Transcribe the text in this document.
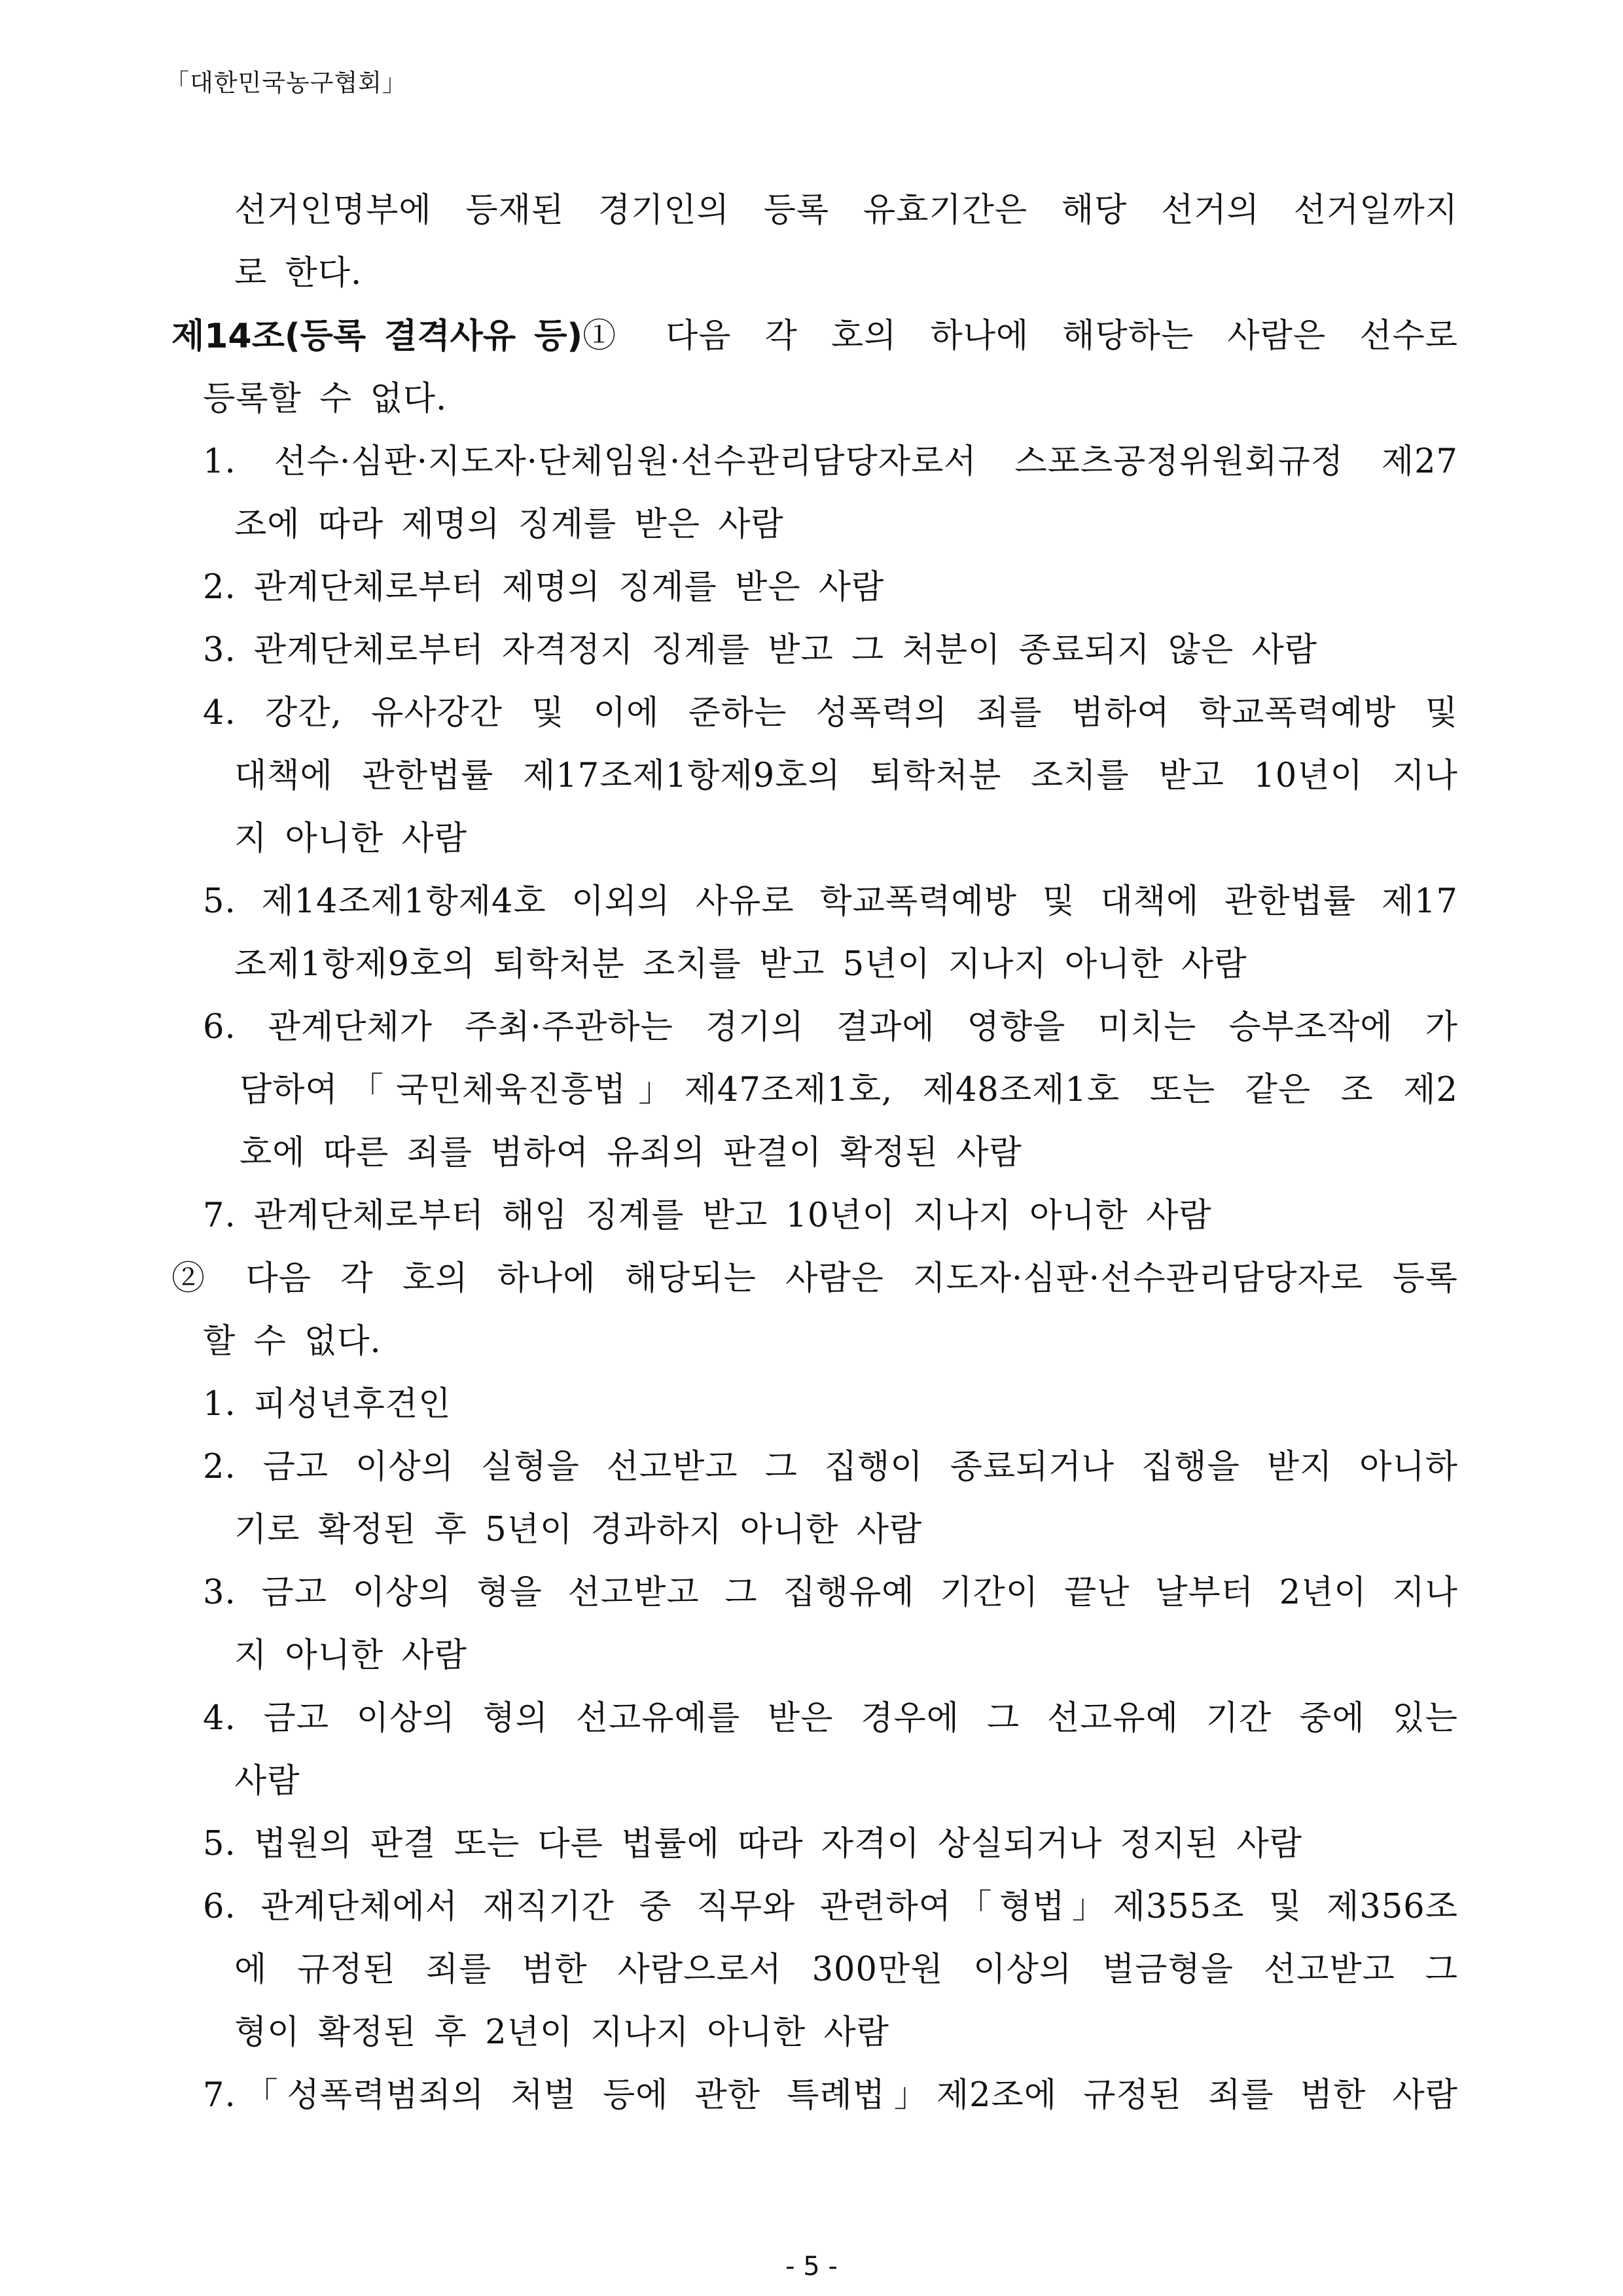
「대한민국농구협회」
선거인명부에 등재된 경기인의 등록 유효기간은 해당 선거의 선거일까지
로 한다.
제14조(등록 결격사유 등) ① 다음 각 호의 하나에 해당하는 사람은 선수로
등록할 수 없다.
1. 선수·심판·지도자·단체임원·선수관리담당자로서 스포츠공정위원회규정 제27
조에 따라 제명의 징계를 받은 사람
2. 관계단체로부터 제명의 징계를 받은 사람
3. 관계단체로부터 자격정지 징계를 받고 그 처분이 종료되지 않은 사람
4. 강간, 유사강간 및 이에 준하는 성폭력의 죄를 범하여 학교폭력예방 및
대책에 관한법률 제17조제1항제9호의 퇴학처분 조치를 받고 10년이 지나
지 아니한 사람
5. 제14조제1항제4호 이외의 사유로 학교폭력예방 및 대책에 관한법률 제17
조제1항제9호의 퇴학처분 조치를 받고 5년이 지나지 아니한 사람
6. 관계단체가 주최·주관하는 경기의 결과에 영향을 미치는 승부조작에 가
담하여「국민체육진흥법」제47조제1호, 제48조제1호 또는 같은 조 제2
호에 따른 죄를 범하여 유죄의 판결이 확정된 사람
7. 관계단체로부터 해임 징계를 받고 10년이 지나지 아니한 사람
② 다음 각 호의 하나에 해당되는 사람은 지도자·심판·선수관리담당자로 등록
할 수 없다.
1. 피성년후견인
2. 금고 이상의 실형을 선고받고 그 집행이 종료되거나 집행을 받지 아니하
기로 확정된 후 5년이 경과하지 아니한 사람
3. 금고 이상의 형을 선고받고 그 집행유예 기간이 끝난 날부터 2년이 지나
지 아니한 사람
4. 금고 이상의 형의 선고유예를 받은 경우에 그 선고유예 기간 중에 있는
사람
5. 법원의 판결 또는 다른 법률에 따라 자격이 상실되거나 정지된 사람
6. 관계단체에서 재직기간 중 직무와 관련하여「형법」제355조 및 제356조
에 규정된 죄를 범한 사람으로서 300만원 이상의 벌금형을 선고받고 그
형이 확정된 후 2년이 지나지 아니한 사람
7.「성폭력범죄의 처벌 등에 관한 특례법」제2조에 규정된 죄를 범한 사람
- 5 -
